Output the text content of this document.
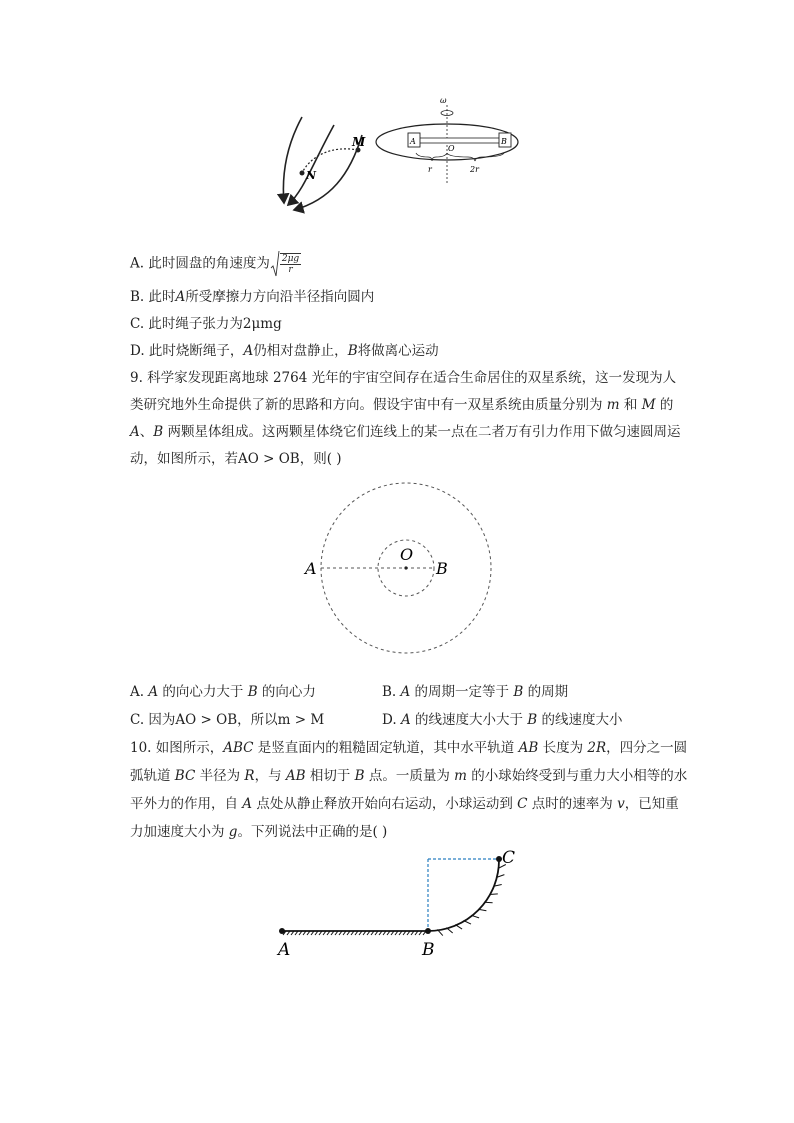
M
N
ω
A	B
O
r	2r
A. 此时圆盘的角速度为 $\frac{2\mu g}{r}$
B. 此时A所受摩擦力方向沿半径指向圆内
C. 此时绳子张力为2μmg
D. 此时烧断绳子，A仍相对盘静止，B将做离心运动
9. 科学家发现距离地球 2764 光年的宇宙空间存在适合生命居住的双星系统，这一发现为人
类研究地外生命提供了新的思路和方向。假设宇宙中有一双星系统由质量分别为 m 和 M 的
A、B 两颗星体组成。这两颗星体绕它们连线上的某一点在二者万有引力作用下做匀速圆周运
动，如图所示，若AO > OB，则( )
A
O
B
A. A 的向心力大于 B 的向心力	B. A 的周期一定等于 B 的周期
C. 因为AO > OB，所以m > M	D. A 的线速度大小大于 B 的线速度大小
10. 如图所示，ABC 是竖直面内的粗糙固定轨道，其中水平轨道 AB 长度为 2R，四分之一圆
弧轨道 BC 半径为 R，与 AB 相切于 B 点。一质量为 m 的小球始终受到与重力大小相等的水
平外力的作用，自 A 点处从静止释放开始向右运动，小球运动到 C 点时的速率为 v，已知重
力加速度大小为 g。下列说法中正确的是( )
A	B
C
